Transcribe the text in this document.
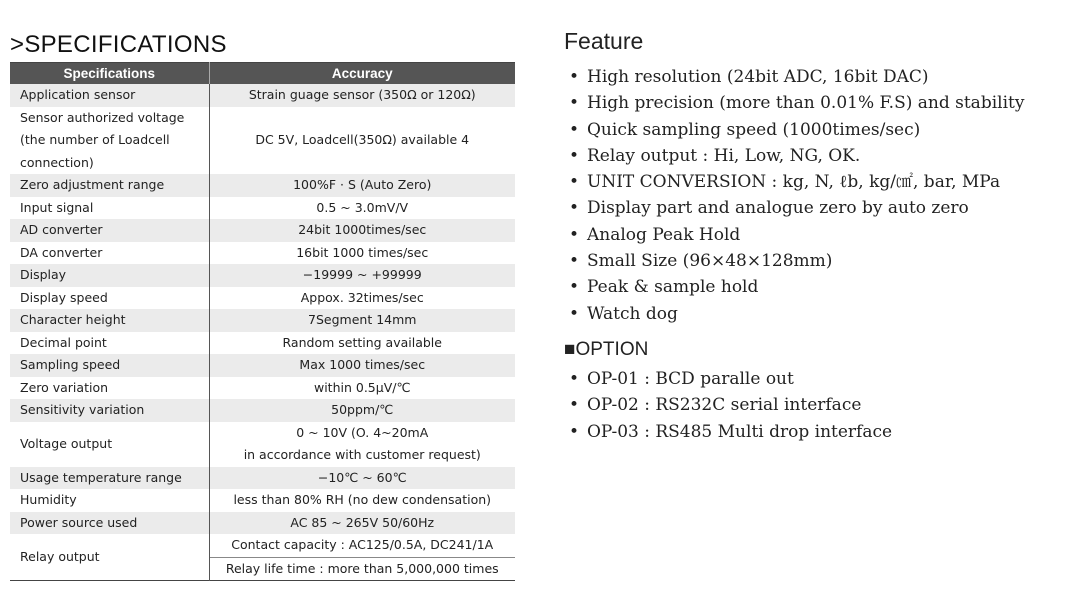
>SPECIFICATIONS
Specifications	Accuracy
Application sensor	Strain guage sensor (350Ω or 120Ω)

Sensor authorized voltage
(the number of Loadcell
connection)	DC 5V, Loadcell(350Ω) available 4
Zero adjustment range	100%F · S (Auto Zero)
Input signal	0.5 ~ 3.0mV/V
AD converter	24bit 1000times/sec
DA converter	16bit 1000 times/sec
Display	−19999 ~ +99999
Display speed	Appox. 32times/sec
Character height	7Segment 14mm
Decimal point	Random setting available
Sampling speed	Max 1000 times/sec
Zero variation	within 0.5μV/℃
Sensitivity variation	50ppm/℃
Voltage output	0 ~ 10V (O. 4~20mA
in accordance with customer request)

Usage temperature range	−10℃ ~ 60℃
Humidity	less than 80% RH (no dew condensation)
Power source used	AC 85 ~ 265V 50/60Hz
Relay output	Contact capacity : AC125/0.5A, DC241/1A
	Relay life time : more than 5,000,000 times
Feature
• High resolution (24bit ADC, 16bit DAC)
• High precision (more than 0.01% F.S) and stability
• Quick sampling speed (1000times/sec)
• Relay output : Hi, Low, NG, OK.
• UNIT CONVERSION : kg, N, ℓb, kg/㎠, bar, MPa
• Display part and analogue zero by auto zero
• Analog Peak Hold
• Small Size (96×48×128mm)
• Peak & sample hold
• Watch dog
■OPTION
• OP-01 : BCD paralle out
• OP-02 : RS232C serial interface
• OP-03 : RS485 Multi drop interface
